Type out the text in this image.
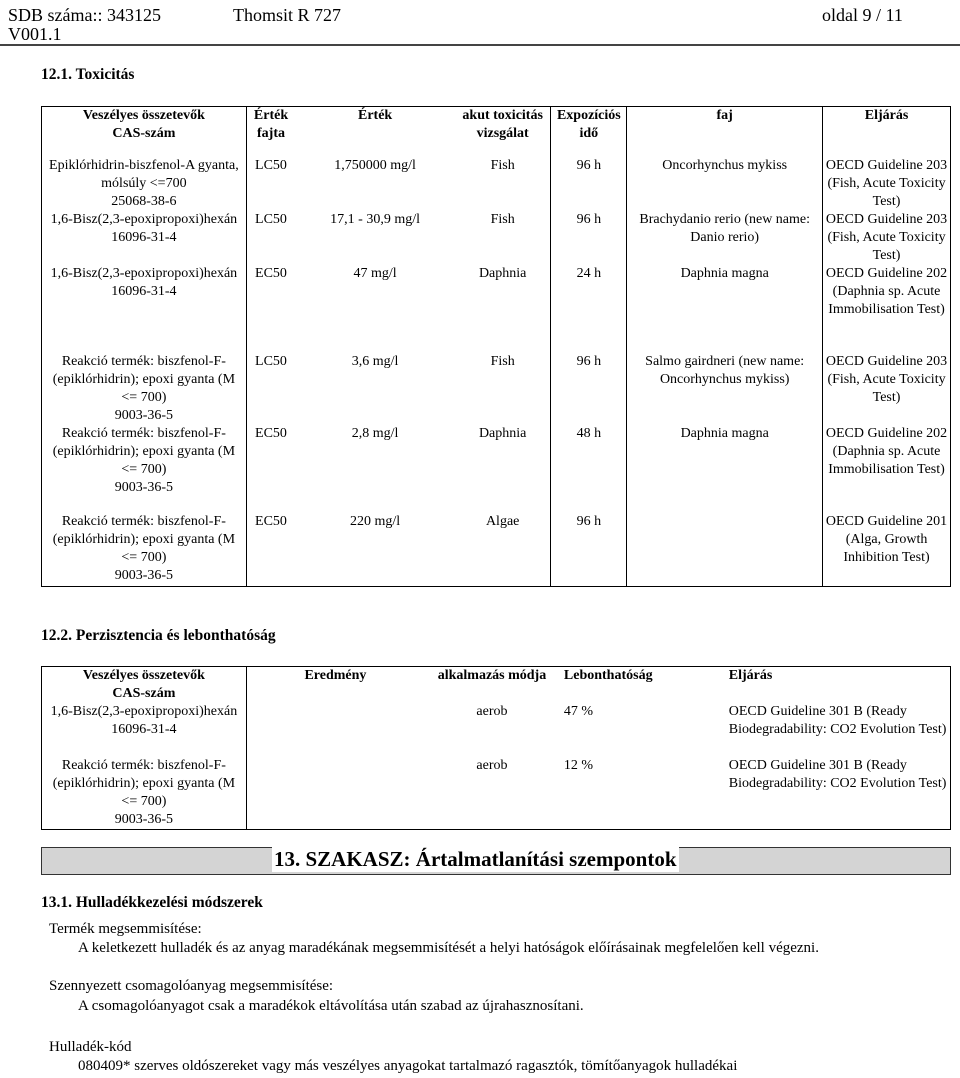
SDB száma:: 343125	Thomsit R 727	oldal 9 / 11
V001.1
12.1. Toxicitás
Veszélyes összetevők
CAS-szám	Érték fajta	Érték	akut toxicitás vizsgálat	Expozíciós idő	faj	Eljárás

Epiklórhidrin-biszfenol-A gyanta, mólsúly <=700
25068-38-6	LC50	1,750000 mg/l	Fish	96 h	Oncorhynchus mykiss	OECD Guideline 203 (Fish, Acute Toxicity Test)

1,6-Bisz(2,3-epoxipropoxi)hexán
16096-31-4	LC50	17,1 - 30,9 mg/l	Fish	96 h	Brachydanio rerio (new name: Danio rerio)	OECD Guideline 203 (Fish, Acute Toxicity Test)

1,6-Bisz(2,3-epoxipropoxi)hexán
16096-31-4	EC50	47 mg/l	Daphnia	24 h	Daphnia magna	OECD Guideline 202 (Daphnia sp. Acute Immobilisation Test)

Reakció termék: biszfenol-F-(epiklórhidrin); epoxi gyanta (M <= 700)
9003-36-5	LC50	3,6 mg/l	Fish	96 h	Salmo gairdneri (new name: Oncorhynchus mykiss)	OECD Guideline 203 (Fish, Acute Toxicity Test)

Reakció termék: biszfenol-F-(epiklórhidrin); epoxi gyanta (M <= 700)
9003-36-5	EC50	2,8 mg/l	Daphnia	48 h	Daphnia magna	OECD Guideline 202 (Daphnia sp. Acute Immobilisation Test)

Reakció termék: biszfenol-F-(epiklórhidrin); epoxi gyanta (M <= 700)
9003-36-5	EC50	220 mg/l	Algae	96 h		OECD Guideline 201 (Alga, Growth Inhibition Test)
12.2. Perzisztencia és lebonthatóság
Veszélyes összetevők
CAS-szám	Eredmény	alkalmazás módja	Lebonthatóság	Eljárás

1,6-Bisz(2,3-epoxipropoxi)hexán
16096-31-4		aerob	47 %	OECD Guideline 301 B (Ready Biodegradability: CO2 Evolution Test)

Reakció termék: biszfenol-F-(epiklórhidrin); epoxi gyanta (M <= 700)
9003-36-5		aerob	12 %	OECD Guideline 301 B (Ready Biodegradability: CO2 Evolution Test)
13. SZAKASZ: Ártalmatlanítási szempontok
13.1. Hulladékkezelési módszerek
Termék megsemmisítése:
A keletkezett hulladék és az anyag maradékának megsemmisítését a helyi hatóságok előírásainak megfelelően kell végezni.
Szennyezett csomagolóanyag megsemmisítése:
A csomagolóanyagot csak a maradékok eltávolítása után szabad az újrahasznosítani.
Hulladék-kód
080409* szerves oldószereket vagy más veszélyes anyagokat tartalmazó ragasztók, tömítőanyagok hulladékai
